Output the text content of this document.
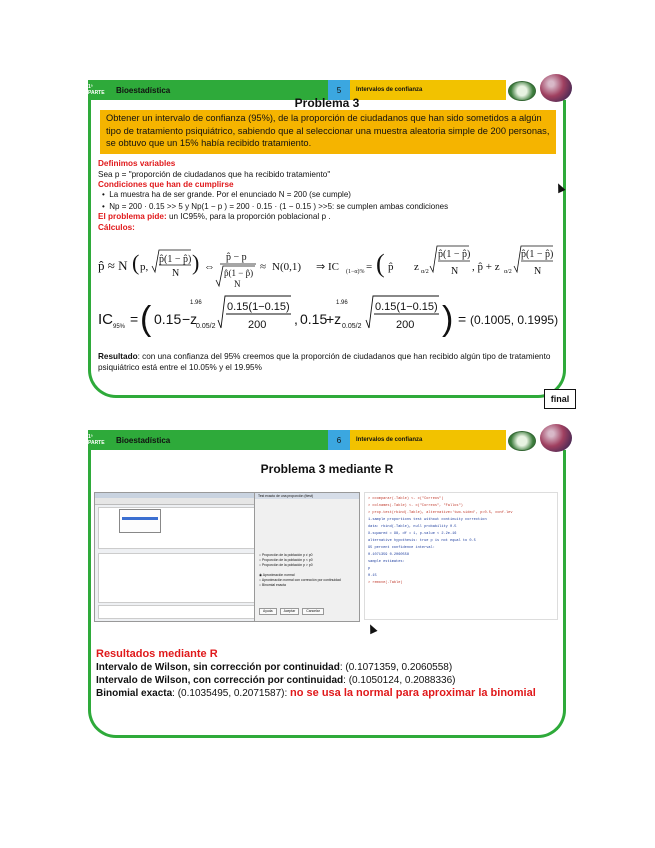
1ª PARTE	Bioestadística	5	Intervalos de confianza
Problema 3
Obtener un intervalo de confianza (95%), de la proporción de ciudadanos que han sido sometidos a algún tipo de tratamiento psiquiátrico, sabiendo que al seleccionar una muestra aleatoria simple de 200 personas, se obtuvo que un 15% había recibido tratamiento.
Definimos variables
Sea p = "proporción de ciudadanos que ha recibido tratamiento"
Condiciones que han de cumplirse
•  La muestra ha de ser grande. Por el enunciado N = 200 (se cumple)
•  Np = 200 · 0.15 >> 5 y Np(1 − p ) = 200 · 0.15 · (1 − 0.15 ) >>5: se cumplen ambas condiciones
El problema pide: un IC95%, para la proporción poblacional p .
Cálculos:
p̂ ≈ N ( p,
p̂(1 − p̂)
N ) ⇔
p̂ − p
p̂(1 − p̂)
N
≈ N(0,1) ⇒ IC (1−α)% = ( p̂ z α/2
p̂(1 − p̂)
N , p̂ + z α/2
p̂(1 − p̂)
N
IC 95% = ( 0.15 −z
0.05/2
1.96 0.15(1−0.15)
200 , 0.15
+z 0.05/2
1.96 0.15(1−0.15)
200 ) = (0.1005, 0.1995)
Resultado: con una confianza del 95% creemos que la proporción de ciudadanos que han recibido algún tipo de tratamiento psiquiátrico está entre el 10.05% y el 19.95%
final
1ª PARTE	Bioestadística	6	Intervalos de confianza
Problema 3 mediante R
Test exacto de una proporción (ttest)
○ Proporción de la población p ≠ p0
○ Proporción de la población p < p0
○ Proporción de la población p > p0
◉ Aproximación normal
○ Aproximación normal con corrección por continuidad
○ Binomial exacta
Ayuda	Aceptar	Cancelar
> ccomparar(.Table) <- c("Correos")
> colnames(.Table) <- c("Correos", "Fallos")
> prop.test(rbind(.Table), alternative='two.sided', p=0.5, conf.lev
1-sample proportions test without continuity correction
data: rbind(.Table), null probability 0.5
X-squared = 98, df = 1, p-value < 2.2e-16
alternative hypothesis: true p is not equal to 0.5
95 percent confidence interval:
0.1071359 0.2060558
sample estimates:
p
0.15
> remove(.Table)
Resultados mediante R
Intervalo de Wilson, sin corrección por continuidad: (0.1071359, 0.2060558)
Intervalo de Wilson, con corrección por continuidad: (0.1050124, 0.2088336)
Binomial exacta: (0.1035495, 0.2071587): no se usa la normal para aproximar la binomial
